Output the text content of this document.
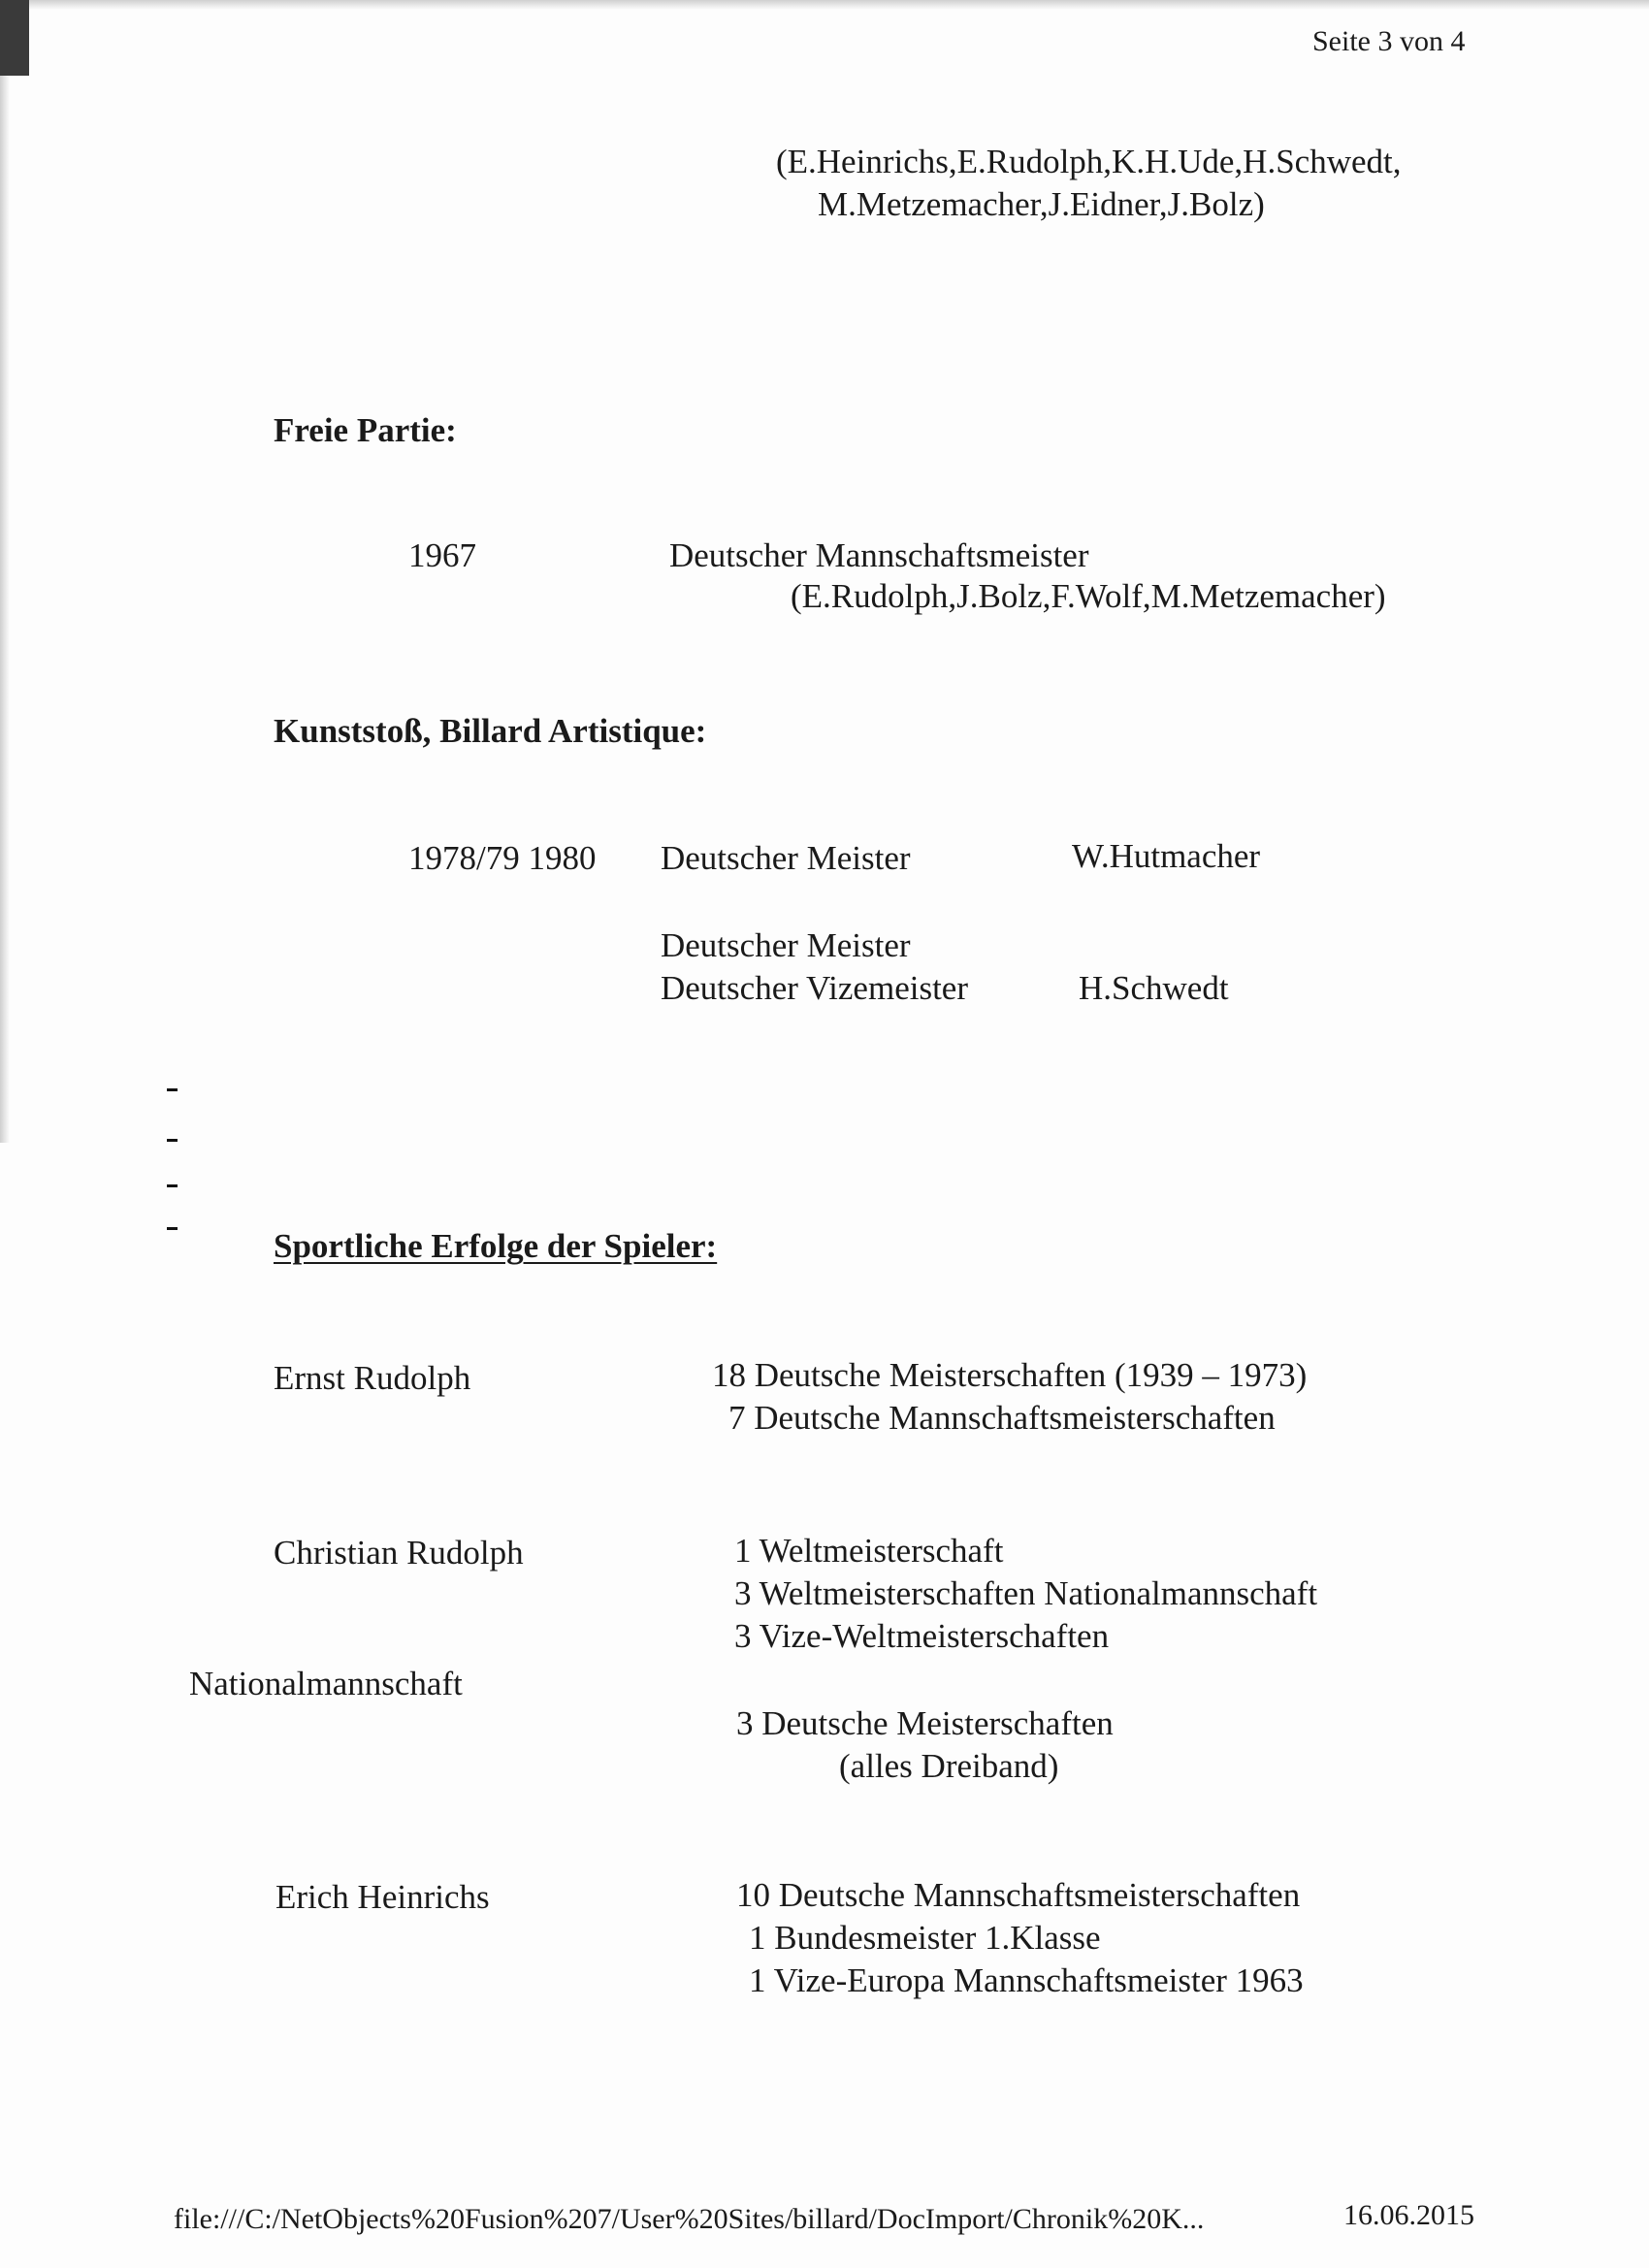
Seite 3 von 4
(E.Heinrichs,E.Rudolph,K.H.Ude,H.Schwedt,
M.Metzemacher,J.Eidner,J.Bolz)
Freie Partie:
1967	Deutscher Mannschaftsmeister
(E.Rudolph,J.Bolz,F.Wolf,M.Metzemacher)
Kunststoß, Billard Artistique:
1978/79 1980 Deutscher Meister	W.Hutmacher
Deutscher Meister
Deutscher Vizemeister	H.Schwedt
Sportliche Erfolge der Spieler:
Ernst Rudolph	18 Deutsche Meisterschaften (1939 – 1973)
7 Deutsche Mannschaftsmeisterschaften
Christian Rudolph	1 Weltmeisterschaft
3 Weltmeisterschaften Nationalmannschaft
3 Vize-Weltmeisterschaften
Nationalmannschaft
3 Deutsche Meisterschaften
(alles Dreiband)
Erich Heinrichs	10 Deutsche Mannschaftsmeisterschaften
1 Bundesmeister 1.Klasse
1 Vize-Europa Mannschaftsmeister 1963
file:///C:/NetObjects%20Fusion%207/User%20Sites/billard/DocImport/Chronik%20K...	16.06.2015
